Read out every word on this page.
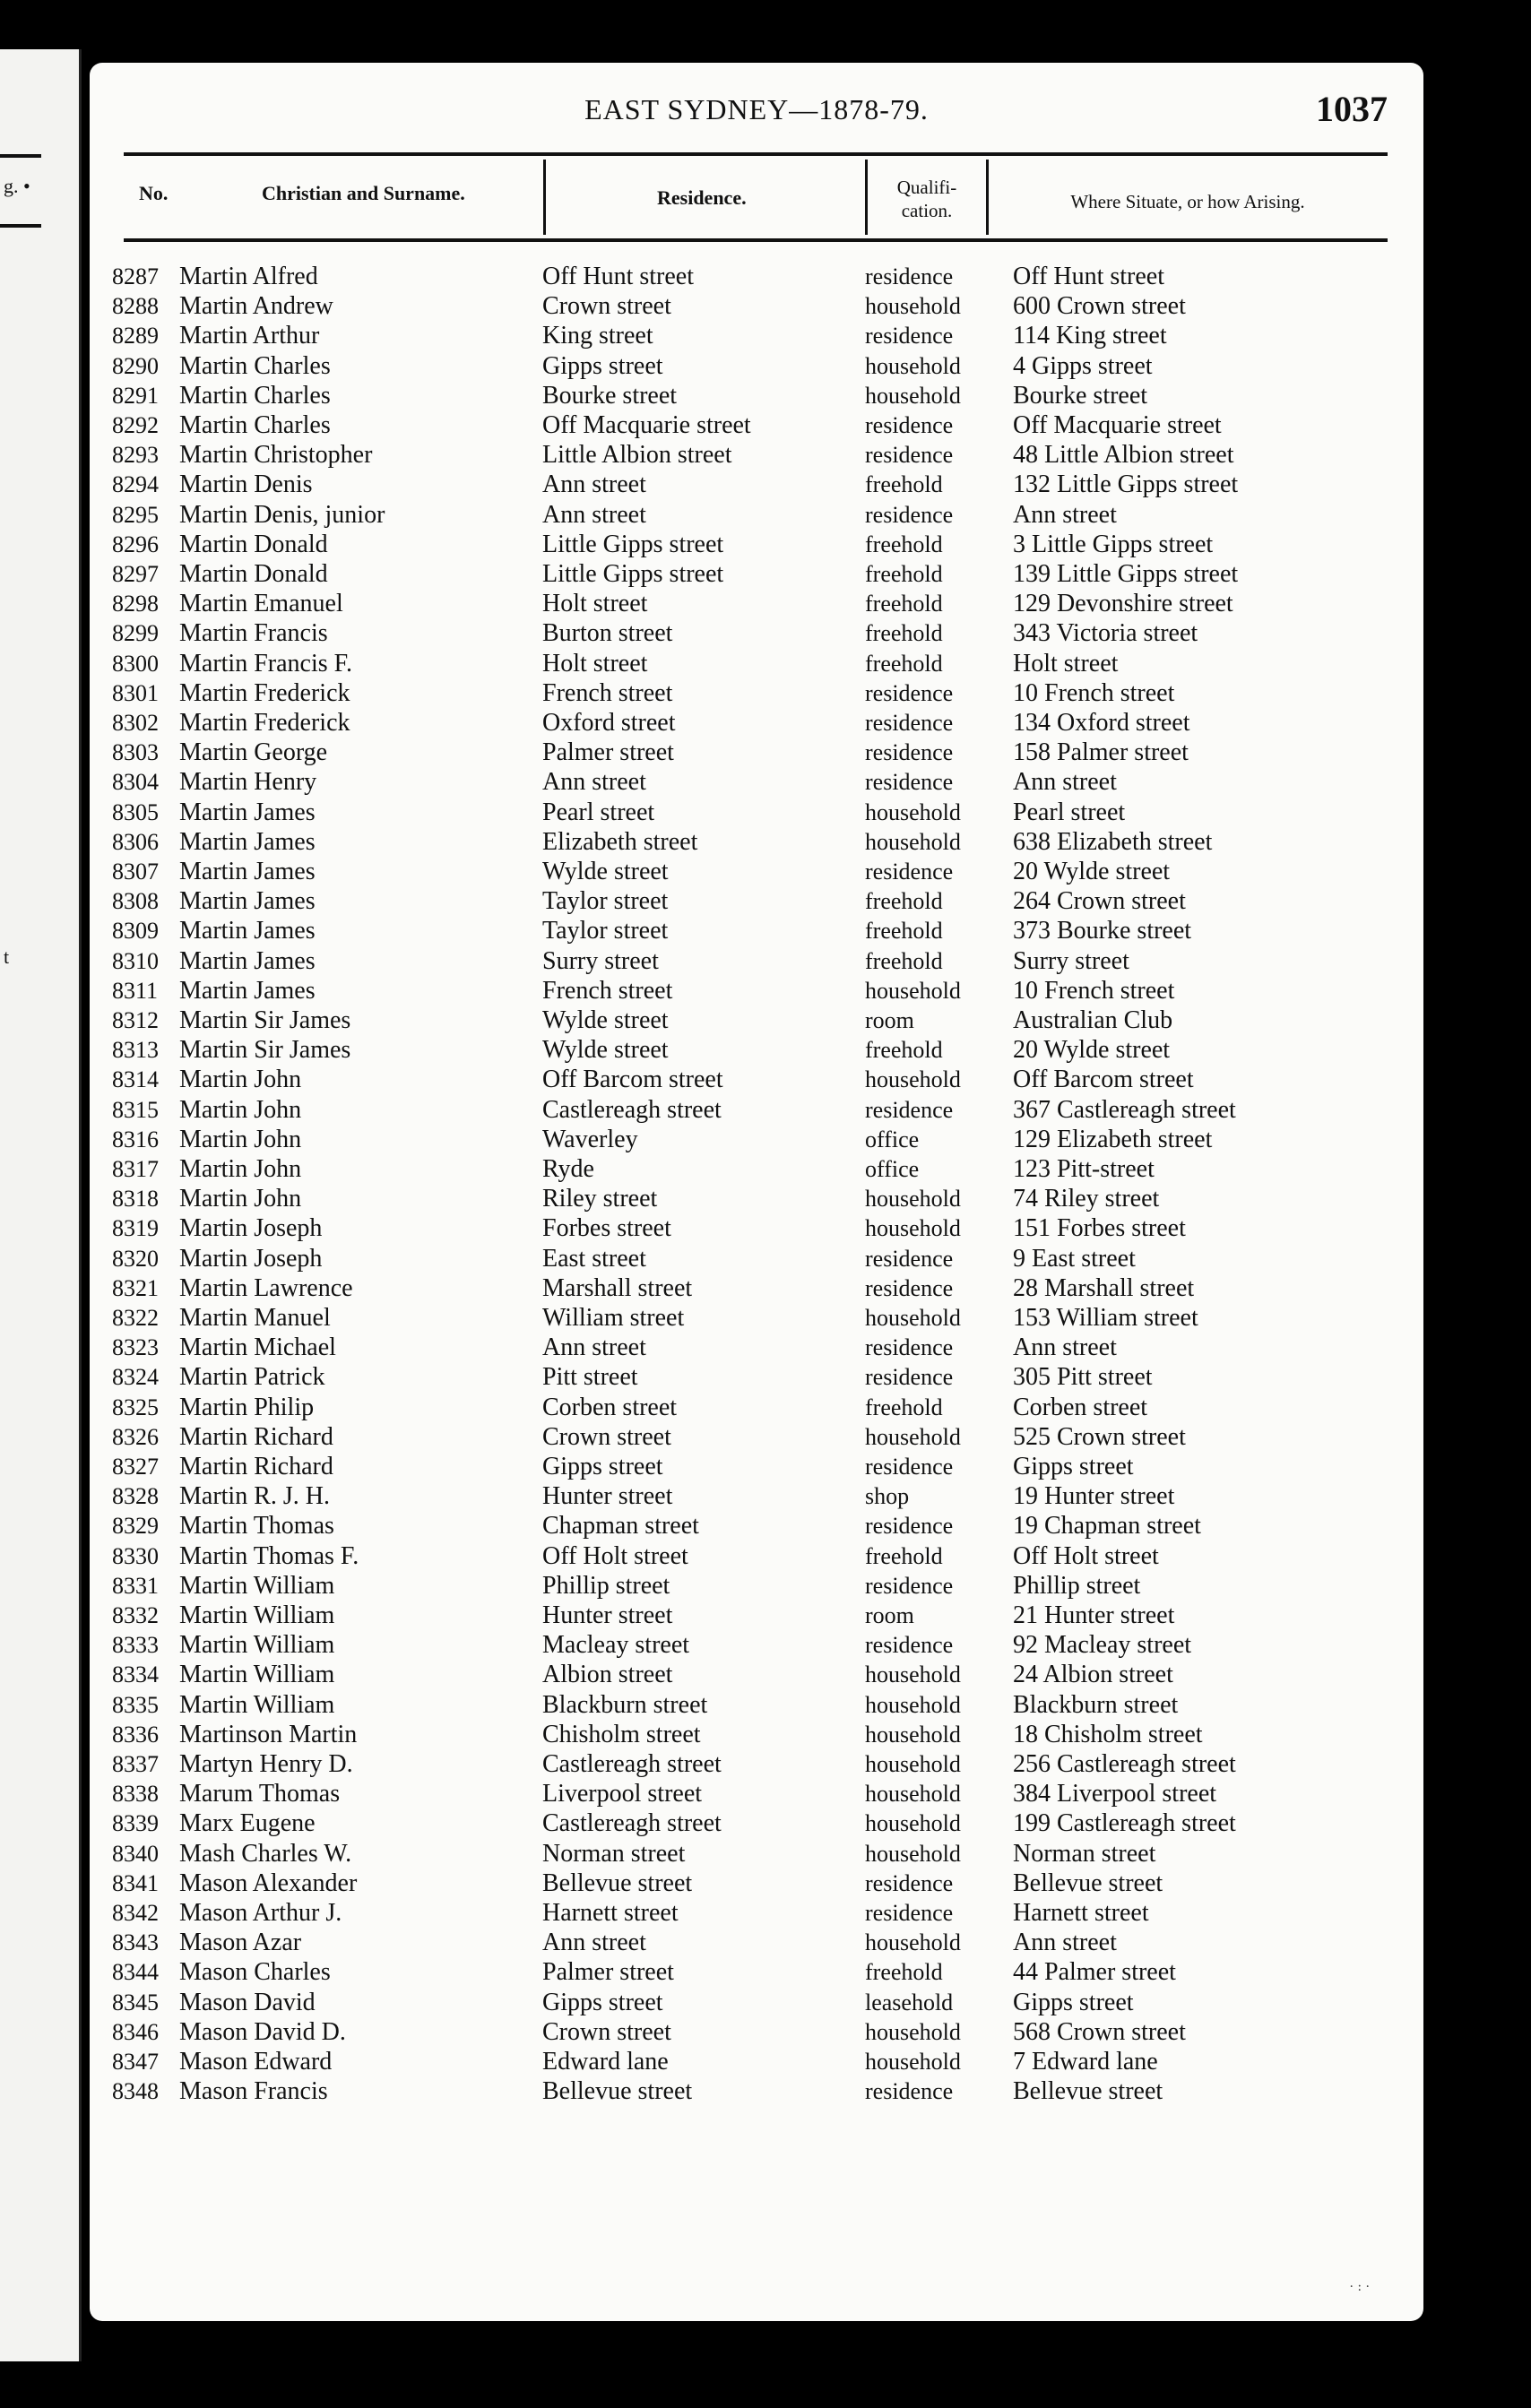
g. •
t
EAST SYDNEY—1878-79.	1037
No.	Christian and Surname.	Residence.	Qualifi-
cation.	Where Situate, or how Arising.
8287 Martin Alfred	Off Hunt street	residence Off Hunt street
8288 Martin Andrew	Crown street	household 600 Crown street
8289 Martin Arthur	King street	residence 114 King street
8290 Martin Charles	Gipps street	household 4 Gipps street
8291 Martin Charles	Bourke street	household Bourke street
8292 Martin Charles	Off Macquarie street	residence Off Macquarie street
8293 Martin Christopher	Little Albion street	residence 48 Little Albion street
8294 Martin Denis	Ann street	freehold	132 Little Gipps street
8295 Martin Denis, junior	Ann street	residence Ann street
8296 Martin Donald	Little Gipps street	freehold	3 Little Gipps street
8297 Martin Donald	Little Gipps street	freehold	139 Little Gipps street
8298 Martin Emanuel	Holt street	freehold	129 Devonshire street
8299 Martin Francis	Burton street	freehold	343 Victoria street
8300 Martin Francis F.	Holt street	freehold	Holt street
8301 Martin Frederick	French street	residence 10 French street
8302 Martin Frederick	Oxford street	residence 134 Oxford street
8303 Martin George	Palmer street	residence 158 Palmer street
8304 Martin Henry	Ann street	residence Ann street
8305 Martin James	Pearl street	household Pearl street
8306 Martin James	Elizabeth street	household 638 Elizabeth street
8307 Martin James	Wylde street	residence 20 Wylde street
8308 Martin James	Taylor street	freehold	264 Crown street
8309 Martin James	Taylor street	freehold	373 Bourke street
8310 Martin James	Surry street	freehold	Surry street
8311 Martin James	French street	household 10 French street
8312 Martin Sir James	Wylde street	room	Australian Club
8313 Martin Sir James	Wylde street	freehold	20 Wylde street
8314 Martin John	Off Barcom street	household Off Barcom street
8315 Martin John	Castlereagh street	residence 367 Castlereagh street
8316 Martin John	Waverley	office	129 Elizabeth street
8317 Martin John	Ryde	office	123 Pitt-street
8318 Martin John	Riley street	household 74 Riley street
8319 Martin Joseph	Forbes street	household 151 Forbes street
8320 Martin Joseph	East street	residence 9 East street
8321 Martin Lawrence	Marshall street	residence 28 Marshall street
8322 Martin Manuel	William street	household 153 William street
8323 Martin Michael	Ann street	residence Ann street
8324 Martin Patrick	Pitt street	residence 305 Pitt street
8325 Martin Philip	Corben street	freehold	Corben street
8326 Martin Richard	Crown street	household 525 Crown street
8327 Martin Richard	Gipps street	residence Gipps street
8328 Martin R. J. H.	Hunter street	shop	19 Hunter street
8329 Martin Thomas	Chapman street	residence 19 Chapman street
8330 Martin Thomas F.	Off Holt street	freehold	Off Holt street
8331 Martin William	Phillip street	residence Phillip street
8332 Martin William	Hunter street	room	21 Hunter street
8333 Martin William	Macleay street	residence 92 Macleay street
8334 Martin William	Albion street	household 24 Albion street
8335 Martin William	Blackburn street	household Blackburn street
8336 Martinson Martin	Chisholm street	household 18 Chisholm street
8337 Martyn Henry D.	Castlereagh street	household 256 Castlereagh street
8338 Marum Thomas	Liverpool street	household 384 Liverpool street
8339 Marx Eugene	Castlereagh street	household 199 Castlereagh street
8340 Mash Charles W.	Norman street	household Norman street
8341 Mason Alexander	Bellevue street	residence Bellevue street
8342 Mason Arthur J.	Harnett street	residence Harnett street
8343 Mason Azar	Ann street	household Ann street
8344 Mason Charles	Palmer street	freehold	44 Palmer street
8345 Mason David	Gipps street	leasehold Gipps street
8346 Mason David D.	Crown street	household 568 Crown street
8347 Mason Edward	Edward lane	household 7 Edward lane
8348 Mason Francis	Bellevue street	residence Bellevue street
· : ·
